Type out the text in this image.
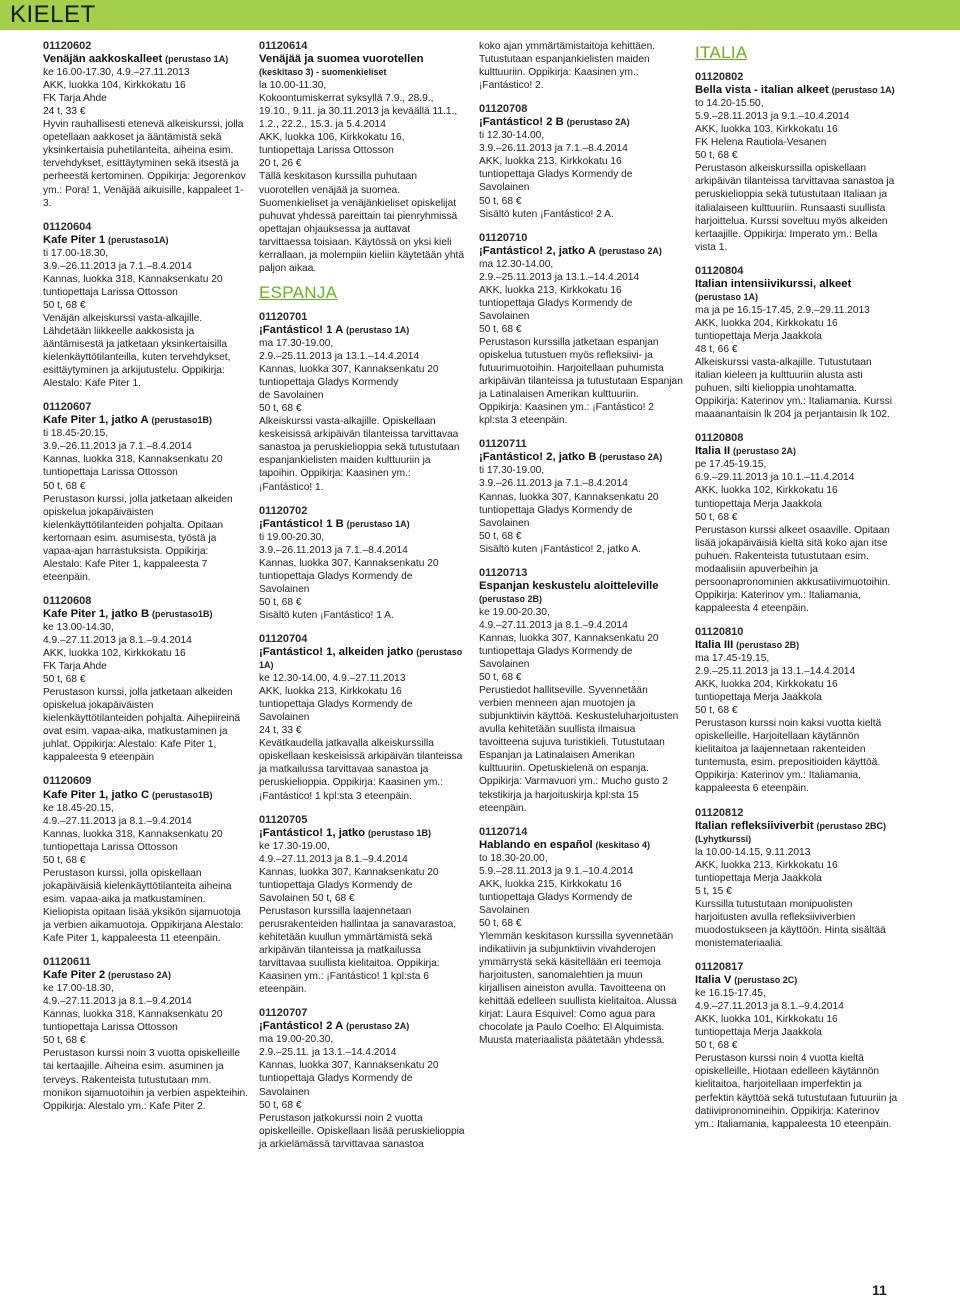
KIELET
01120602
Venäjän aakkoskalleet (perustaso 1A)
ke 16.00-17.30, 4.9.–27.11.2013
AKK, luokka 104, Kirkkokatu 16
FK Tarja Ahde
24 t, 33 €
Hyvin rauhallisesti etenevä alkeiskurssi, jolla opetellaan aakkoset ja ääntämistä sekä yksinkertaisia puhetilanteita, aiheina esim. tervehdykset, esittäytyminen sekä itsestä ja perheestä kertominen. Oppikirja: Jegorenkov ym.: Pora! 1, Venäjää aikuisille, kappaleet 1-3.
01120604
Kafe Piter 1 (perustaso1A)
ti 17.00-18.30,
3.9.–26.11.2013 ja 7.1.–8.4.2014
Kannas, luokka 318, Kannaksenkatu 20
tuntiopettaja Larissa Ottosson
50 t, 68 €
Venäjän alkeiskurssi vasta-alkajille. Lähdetään liikkeelle aakkosista ja ääntämisestä ja jatketaan yksinkertaisilla kielenkäyttötilanteilla, kuten tervehdykset, esittäytyminen ja arkijutustelu. Oppikirja: Alestalo: Kafe Piter 1.
01120607
Kafe Piter 1, jatko A (perustaso1B)
ti 18.45-20.15,
3.9.–26.11.2013 ja 7.1.–8.4.2014
Kannas, luokka 318, Kannaksenkatu 20
tuntiopettaja Larissa Ottosson
50 t, 68 €
Perustason kurssi, jolla jatketaan alkeiden opiskelua jokapäiväisten kielenkäyttötilanteiden pohjalta. Opitaan kertomaan esim. asumisesta, työstä ja vapaa-ajan harrastuksista. Oppikirja: Alestalo: Kafe Piter 1, kappaleesta 7 eteenpäin.
01120608
Kafe Piter 1, jatko B (perustaso1B)
ke 13.00-14.30,
4.9.–27.11.2013 ja 8.1.–9.4.2014
AKK, luokka 102, Kirkkokatu 16
FK Tarja Ahde
50 t, 68 €
Perustason kurssi, jolla jatketaan alkeiden opiskelua jokapäiväisten kielenkäyttötilanteiden pohjalta. Aihepiireinä ovat esim. vapaa-aika, matkustaminen ja juhlat. Oppikirja: Alestalo: Kafe Piter 1, kappaleesta 9 eteenpäin
01120609
Kafe Piter 1, jatko C (perustaso1B)
ke 18.45-20.15,
4.9.–27.11.2013 ja 8.1.–9.4.2014
Kannas, luokka 318, Kannaksenkatu 20
tuntiopettaja Larissa Ottosson
50 t, 68 €
Perustason kurssi, jolla opiskellaan jokapäiväisiä kielenkäyttötilanteita aiheina esim. vapaa-aika ja matkustaminen. Kieliopista opitaan lisää yksikön sijamuotoja ja verbien aikamuotoja. Oppikirjana Alestalo: Kafe Piter 1, kappaleesta 11 eteenpäin.
01120611
Kafe Piter 2 (perustaso 2A)
ke 17.00-18.30,
4.9.–27.11.2013 ja 8.1.–9.4.2014
Kannas, luokka 318, Kannaksenkatu 20
tuntiopettaja Larissa Ottosson
50 t, 68 €
Perustason kurssi noin 3 vuotta opiskelleille tai kertaajille. Aiheina esim. asuminen ja terveys. Rakenteista tutustutaan mm. monikon sijamuotoihin ja verbien aspekteihin. Oppikirja: Alestalo ym.: Kafe Piter 2.
01120614
Venäjää ja suomea vuorotellen (keskitaso 3) - suomenkieliset
la 10.00-11.30,
Kokoontumiskerrat syksyllä 7.9., 28.9., 19.10., 9.11. ja 30.11.2013 ja keväällä 11.1., 1.2., 22.2., 15.3. ja 5.4.2014
AKK, luokka 106, Kirkkokatu 16,
tuntiopettaja Larissa Ottosson
20 t, 26 €
Tällä keskitason kurssilla puhutaan vuorotellen venäjää ja suomea. Suomenkieliset ja venäjänkieliset opiskelijat puhuvat yhdessä pareittain tai pienryhmissä opettajan ohjauksessa ja auttavat tarvittaessa toisiaan. Käytössä on yksi kieli kerrallaan, ja molempiin kieliin käytetään yhtä paljon aikaa.
ESPANJA
01120701
¡Fantástico! 1 A (perustaso 1A)
ma 17.30-19.00,
2.9.–25.11.2013 ja 13.1.–14.4.2014
Kannas, luokka 307, Kannaksenkatu 20
tuntiopettaja Gladys Kormendy
de Savolainen
50 t, 68 €
Alkeiskurssi vasta-alkajille. Opiskellaan keskeisissä arkipäivän tilanteissa tarvittavaa sanastoa ja peruskielioppia sekä tutustutaan espanjankielisten maiden kulttuuriin ja tapoihin. Oppikirja: Kaasinen ym.: ¡Fantástico! 1.
01120702
¡Fantástico! 1 B (perustaso 1A)
ti 19.00-20.30,
3.9.–26.11.2013 ja 7.1.–8.4.2014
Kannas, luokka 307, Kannaksenkatu 20
tuntiopettaja Gladys Kormendy de Savolainen
50 t, 68 €
Sisältö kuten ¡Fantástico! 1 A.
01120704
¡Fantástico! 1, alkeiden jatko (perustaso 1A)
ke 12.30-14.00, 4.9.–27.11.2013
AKK, luokka 213, Kirkkokatu 16
tuntiopettaja Gladys Kormendy de Savolainen
24 t, 33 €
Kevätkaudella jatkavalla alkeiskurssilla opiskellaan keskeisissä arkipäivän tilanteissa ja matkailussa tarvittavaa sanastoa ja peruskielioppia. Oppikirja: Kaasinen ym.: ¡Fantástico! 1 kpl:sta 3 eteenpäin.
01120705
¡Fantástico! 1, jatko (perustaso 1B)
ke 17.30-19.00,
4.9.–27.11.2013 ja 8.1.–9.4.2014
Kannas, luokka 307, Kannaksenkatu 20
tuntiopettaja Gladys Kormendy de Savolainen 50 t, 68 €
Perustason kurssilla laajennetaan perusrakenteiden hallintaa ja sanavarastoa, kehitetään kuullun ymmärtämistä sekä arkipäivän tilanteissa ja matkailussa tarvittavaa suullista kielitaitoa. Oppikirja: Kaasinen ym.: ¡Fantástico! 1 kpl:sta 6 eteenpäin.
01120707
¡Fantástico! 2 A (perustaso 2A)
ma 19.00-20.30,
2.9.–25.11. ja 13.1.–14.4.2014
Kannas, luokka 307, Kannaksenkatu 20
tuntiopettaja Gladys Kormendy de Savolainen
50 t, 68 €
Perustason jatkokurssi noin 2 vuotta opiskelleille. Opiskellaan lisää peruskielioppia ja arkielämässä tarvittavaa sanastoa
koko ajan ymmärtämistaitoja kehittäen. Tutustutaan espanjankielisten maiden kulttuuriin. Oppikirja: Kaasinen ym.: ¡Fantástico! 2.
01120708
¡Fantástico! 2 B (perustaso 2A)
ti 12.30-14.00,
3.9.–26.11.2013 ja 7.1.–8.4.2014
AKK, luokka 213, Kirkkokatu 16
tuntiopettaja Gladys Kormendy de Savolainen
50 t, 68 €
Sisältö kuten ¡Fantástico! 2 A.
01120710
¡Fantástico! 2, jatko A (perustaso 2A)
ma 12.30-14.00,
2.9.–25.11.2013 ja 13.1.–14.4.2014
AKK, luokka 213, Kirkkokatu 16
tuntiopettaja Gladys Kormendy de Savolainen
50 t, 68 €
Perustason kurssilla jatketaan espanjan opiskelua tutustuen myös refleksiivi- ja futuurimuotoihin. Harjoitellaan puhumista arkipäivän tilanteissa ja tutustutaan Espanjan ja Latinalaisen Amerikan kulttuuriin. Oppikirja: Kaasinen ym.: ¡Fantástico! 2 kpl:sta 3 eteenpäin.
01120711
¡Fantástico! 2, jatko B (perustaso 2A)
ti 17.30-19.00,
3.9.–26.11.2013 ja 7.1.–8.4.2014
Kannas, luokka 307, Kannaksenkatu 20
tuntiopettaja Gladys Kormendy de Savolainen
50 t, 68 €
Sisältö kuten ¡Fantástico! 2, jatko A.
01120713
Espanjan keskustelu aloitteleville (perustaso 2B)
ke 19.00-20.30,
4.9.–27.11.2013 ja 8.1.–9.4.2014
Kannas, luokka 307, Kannaksenkatu 20
tuntiopettaja Gladys Kormendy de Savolainen
50 t, 68 €
Perustiedot hallitseville. Syvennetään verbien menneen ajan muotojen ja subjunktiivin käyttöä. Keskusteluharjoitusten avulla kehitetään suullista ilmaisua tavoitteena sujuva turistikieli. Tutustutaan Espanjan ja Latinalaisen Amerikan kulttuuriin. Opetuskielenä on espanja. Oppikirja: Varmavuori ym.: Mucho gusto 2 tekstikirja ja harjoituskirja kpl:sta 15 eteenpäin.
01120714
Hablando en español (keskitaso 4)
to 18.30-20.00,
5.9.–28.11.2013 ja 9.1.–10.4.2014
AKK, luokka 215, Kirkkokatu 16
tuntiopettaja Gladys Kormendy de Savolainen
50 t, 68 €
Ylemmän keskitason kurssilla syvennetään indikatiivin ja subjunktiivin vivahderojen ymmärrystä sekä käsitellään eri teemoja harjoitusten, sanomalehtien ja muun kirjallisen aineiston avulla. Tavoitteena on kehittää edelleen suullista kielitaitoa. Alussa kirjat: Laura Esquivel: Como agua para chocolate ja Paulo Coelho: El Alquimista. Muusta materiaalista päätetään yhdessä.
ITALIA
01120802
Bella vista - italian alkeet (perustaso 1A)
to 14.20-15.50,
5.9.–28.11.2013 ja 9.1.–10.4.2014
AKK, luokka 103, Kirkkokatu 16
FK Helena Rautiola-Vesanen
50 t, 68 €
Perustason alkeiskurssilla opiskellaan arkipäivän tilanteissa tarvittavaa sanastoa ja peruskielioppia sekä tutustutaan Italiaan ja italialaiseen kulttuuriin. Runsaasti suullista harjoittelua. Kurssi soveltuu myös alkeiden kertaajille. Oppikirja: Imperato ym.: Bella vista 1.
01120804
Italian intensiivikurssi, alkeet (perustaso 1A)
ma ja pe 16.15-17.45, 2.9.–29.11.2013
AKK, luokka 204, Kirkkokatu 16
tuntiopettaja Merja Jaakkola
48 t, 66 €
Alkeiskurssi vasta-alkajille. Tutustutaan italian kieleen ja kulttuuriin alusta asti puhuen, silti kielioppia unohtamatta. Oppikirja: Katerinov ym.: Italiamania. Kurssi maaanantaisin lk 204 ja perjantaisin lk 102.
01120808
Italia II (perustaso 2A)
pe 17.45-19.15,
6.9.–29.11.2013 ja 10.1.–11.4.2014
AKK, luokka 102, Kirkkokatu 16
tuntiopettaja Merja Jaakkola
50 t, 68 €
Perustason kurssi alkeet osaaville. Opitaan lisää jokapäiväisiä kieltä sitä koko ajan itse puhuen. Rakenteista tutustutaan esim. modaalisiin apuverbeihin ja persoonapronominien akkusatiivimuotoihin. Oppikirja: Katerinov ym.: Italiamania, kappaleesta 4 eteenpäin.
01120810
Italia III (perustaso 2B)
ma 17.45-19.15,
2.9.–25.11.2013 ja 13.1.–14.4.2014
AKK, luokka 204, Kirkkokatu 16
tuntiopettaja Merja Jaakkola
50 t, 68 €
Perustason kurssi noin kaksi vuotta kieltä opiskelleille. Harjoitellaan käytännön kielitaitoa ja laajennetaan rakenteiden tuntemusta, esim. prepositioiden käyttöä. Oppikirja: Katerinov ym.: Italiamania, kappaleesta 6 eteenpäin.
01120812
Italian refleksiiviverbit (perustaso 2BC) (Lyhytkurssi)
la 10.00-14.15, 9.11.2013
AKK, luokka 213, Kirkkokatu 16
tuntiopettaja Merja Jaakkola
5 t, 15 €
Kurssilla tutustutaan monipuolisten harjoitusten avulla refleksiiviverbien muodostukseen ja käyttöön. Hinta sisältää monistemateriaalia.
01120817
Italia V (perustaso 2C)
ke 16.15-17.45,
4.9.–27.11.2013 ja 8.1.–9.4.2014
AKK, luokka 101, Kirkkokatu 16
tuntiopettaja Merja Jaakkola
50 t, 68 €
Perustason kurssi noin 4 vuotta kieltä opiskelleille. Hiotaan edelleen käytännön kielitaitoa, harjoitellaan imperfektin ja perfektin käyttöä sekä tutustutaan futuuriin ja datiivipronomineihin. Oppikirja: Katerinov ym.: Italiamania, kappaleesta 10 eteenpäin.
11
